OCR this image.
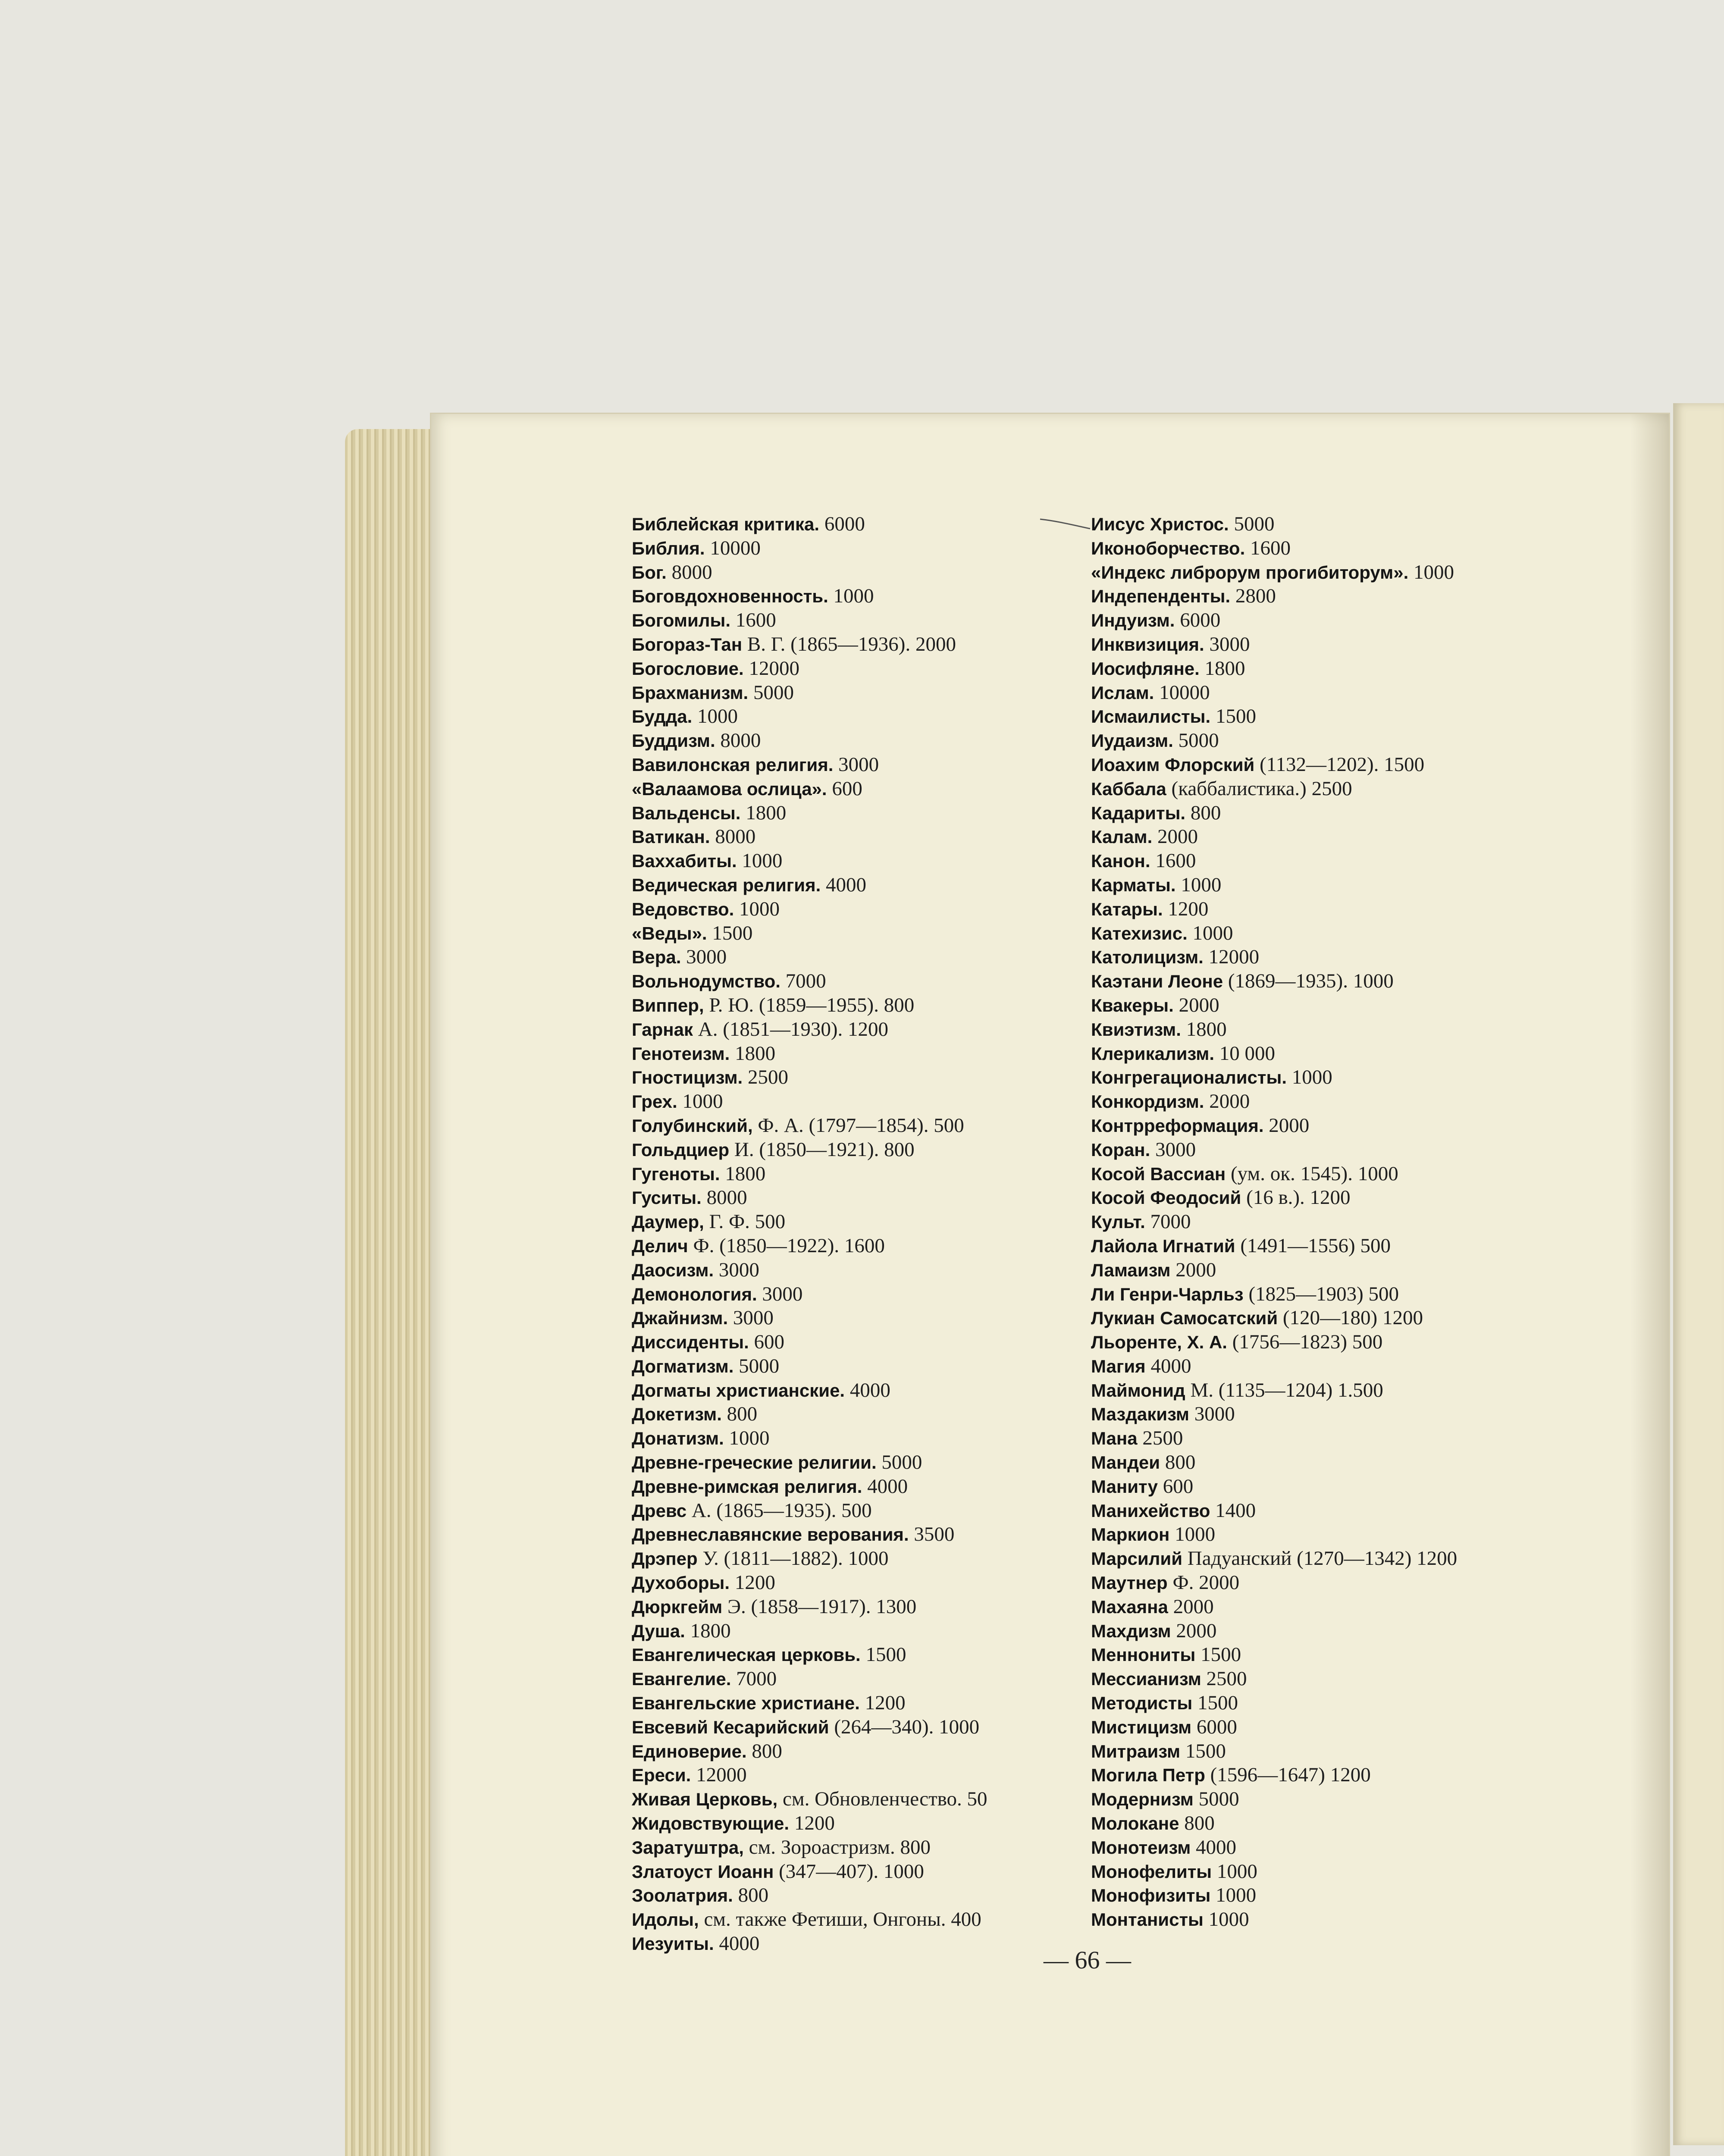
Библейская критика. 6000
Библия. 10000
Бог. 8000
Боговдохновенность. 1000
Богомилы. 1600
Богораз-Тан В. Г. (1865—1936). 2000
Богословие. 12000
Брахманизм. 5000
Будда. 1000
Буддизм. 8000
Вавилонская религия. 3000
«Валаамова ослица». 600
Вальденсы. 1800
Ватикан. 8000
Ваххабиты. 1000
Ведическая религия. 4000
Ведовство. 1000
«Веды». 1500
Вера. 3000
Вольнодумство. 7000
Виппер, Р. Ю. (1859—1955). 800
Гарнак А. (1851—1930). 1200
Генотеизм. 1800
Гностицизм. 2500
Грех. 1000
Голубинский, Ф. А. (1797—1854). 500
Гольдциер И. (1850—1921). 800
Гугеноты. 1800
Гуситы. 8000
Даумер, Г. Ф. 500
Делич Ф. (1850—1922). 1600
Даосизм. 3000
Демонология. 3000
Джайнизм. 3000
Диссиденты. 600
Догматизм. 5000
Догматы христианские. 4000
Докетизм. 800
Донатизм. 1000
Древне-греческие религии. 5000
Древне-римская религия. 4000
Древс А. (1865—1935). 500
Древнеславянские верования. 3500
Дрэпер У. (1811—1882). 1000
Духоборы. 1200
Дюркгейм Э. (1858—1917). 1300
Душа. 1800
Евангелическая церковь. 1500
Евангелие. 7000
Евангельские христиане. 1200
Евсевий Кесарийский (264—340). 1000
Единоверие. 800
Ереси. 12000
Живая Церковь, см. Обновленчество. 50
Жидовствующие. 1200
Заратуштра, см. Зороастризм. 800
Златоуст Иоанн (347—407). 1000
Зоолатрия. 800
Идолы, см. также Фетиши, Онгоны. 400
Иезуиты. 4000
Иисус Христос. 5000
Иконоборчество. 1600
«Индекс либрорум прогибиторум». 1000
Индепенденты. 2800
Индуизм. 6000
Инквизиция. 3000
Иосифляне. 1800
Ислам. 10000
Исмаилисты. 1500
Иудаизм. 5000
Иоахим Флорский (1132—1202). 1500
Каббала (каббалистика.) 2500
Кадариты. 800
Калам. 2000
Канон. 1600
Карматы. 1000
Катары. 1200
Катехизис. 1000
Католицизм. 12000
Каэтани Леоне (1869—1935). 1000
Квакеры. 2000
Квиэтизм. 1800
Клерикализм. 10 000
Конгрегационалисты. 1000
Конкордизм. 2000
Контрреформация. 2000
Коран. 3000
Косой Вассиан (ум. ок. 1545). 1000
Косой Феодосий (16 в.). 1200
Культ. 7000
Лайола Игнатий (1491—1556) 500
Ламаизм 2000
Ли Генри-Чарльз (1825—1903) 500
Лукиан Самосатский (120—180) 1200
Льоренте, Х. А. (1756—1823) 500
Магия 4000
Маймонид М. (1135—1204) 1.500
Маздакизм 3000
Мана 2500
Мандеи 800
Маниту 600
Манихейство 1400
Маркион 1000
Марсилий Падуанский (1270—1342) 1200
Маутнер Ф. 2000
Махаяна 2000
Махдизм 2000
Меннониты 1500
Мессианизм 2500
Методисты 1500
Мистицизм 6000
Митраизм 1500
Могила Петр (1596—1647) 1200
Модернизм 5000
Молокане 800
Монотеизм 4000
Монофелиты 1000
Монофизиты 1000
Монтанисты 1000
— 66 —
